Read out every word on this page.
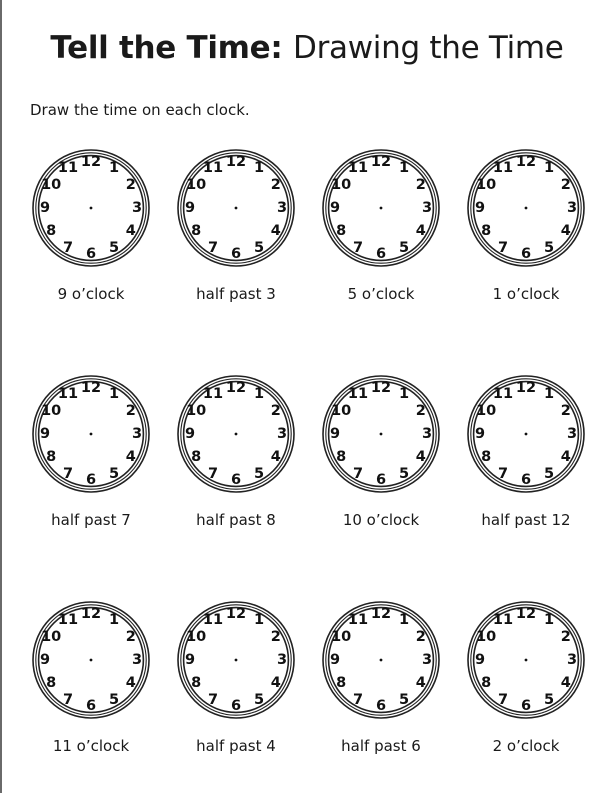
Tell the Time: Drawing the Time
Draw the time on each clock.
12 1
2
3
4
5
6
7
8
9
10
11
9 o’clock
12 1
2
3
4
5
6
7
8
9
10
11
half past 3
12 1
2
3
4
5
6
7
8
9
10
11
5 o’clock
12 1
2
3
4
5
6
7
8
9
10
11
1 o’clock
12 1
2
3
4
5
6
7
8
9
10
11
half past 7
12 1
2
3
4
5
6
7
8
9
10
11
half past 8
12 1
2
3
4
5
6
7
8
9
10
11
10 o’clock
12 1
2
3
4
5
6
7
8
9
10
11
half past 12
12 1
2
3
4
5
6
7
8
9
10
11
11 o’clock
12 1
2
3
4
5
6
7
8
9
10
11
half past 4
12 1
2
3
4
5
6
7
8
9
10
11
half past 6
12 1
2
3
4
5
6
7
8
9
10
11
2 o’clock
